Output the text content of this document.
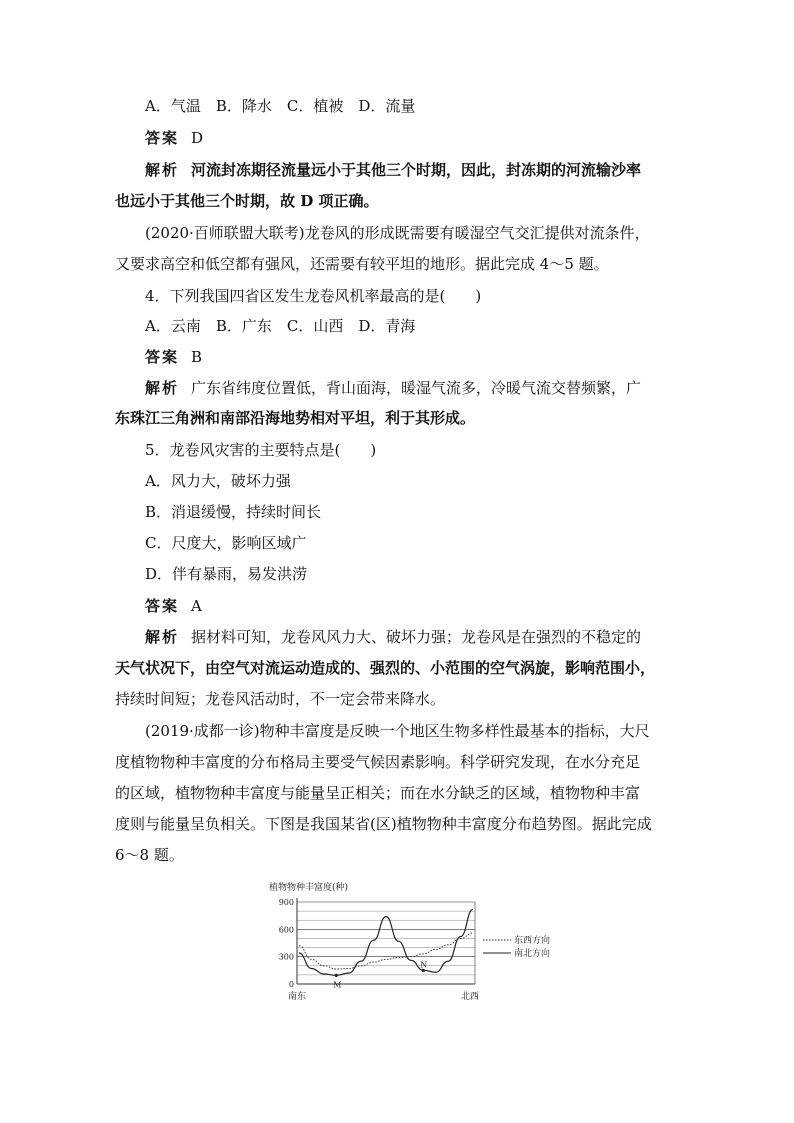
A．气温　B．降水　C．植被　D．流量
答案 D
解析 河流封冻期径流量远小于其他三个时期，因此，封冻期的河流输沙率
也远小于其他三个时期，故 D 项正确。
(2020·百师联盟大联考)龙卷风的形成既需要有暖湿空气交汇提供对流条件，
又要求高空和低空都有强风，还需要有较平坦的地形。据此完成 4～5 题。
4．下列我国四省区发生龙卷风机率最高的是(　　)
A．云南　B．广东　C．山西　D．青海
答案 B
解析 广东省纬度位置低，背山面海，暖湿气流多，冷暖气流交替频繁，广
东珠江三角洲和南部沿海地势相对平坦，利于其形成。
5．龙卷风灾害的主要特点是(　　)
A．风力大，破坏力强
B．消退缓慢，持续时间长
C．尺度大，影响区域广
D．伴有暴雨，易发洪涝
答案 A
解析 据材料可知，龙卷风风力大、破坏力强；龙卷风是在强烈的不稳定的
天气状况下，由空气对流运动造成的、强烈的、小范围的空气涡旋，影响范围小，
持续时间短；龙卷风活动时，不一定会带来降水。
(2019·成都一诊)物种丰富度是反映一个地区生物多样性最基本的指标，大尺
度植物物种丰富度的分布格局主要受气候因素影响。科学研究发现，在水分充足
的区域，植物物种丰富度与能量呈正相关；而在水分缺乏的区域，植物物种丰富
度则与能量呈负相关。下图是我国某省(区)植物物种丰富度分布趋势图。据此完成
6～8 题。
植物物种丰富度(种)
900
600
300
0	M
N
东西方向
南北方向
南东	北西
